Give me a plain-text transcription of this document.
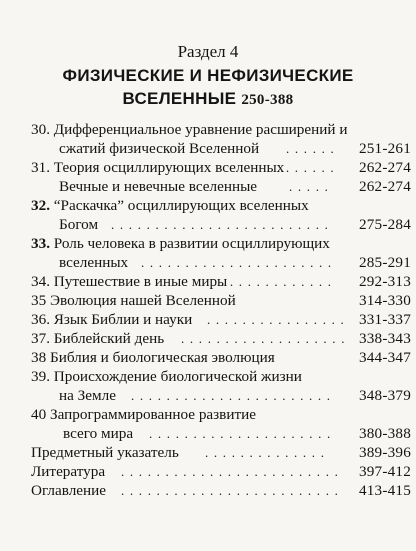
Раздел 4
ФИЗИЧЕСКИЕ И НЕФИЗИЧЕСКИЕ
ВСЕЛЕННЫЕ 250-388
30. Дифференциальное уравнение расширений и
сжатий физической Вселенной . . . . . .	251-261
31. Теория осциллирующих вселенных
. . . . . . .	262-274
Вечные и невечные вселенные . . . . .	262-274
32. “Раскачка” осциллирующих вселенных
Богом . . . . . . . . . . . . . . . . . . . . . . . . .	275-284
33. Роль человека в развитии осциллирующих
вселенных . . . . . . . . . . . . . . . . . . . . . .	285-291
34. Путешествие в иные миры
. . . . . . . . . . . . .	292-313
35 Эволюция нашей Вселенной	314-330
36. Язык Библии и науки . . . . . . . . . . . . . . . . 331-337
37. Библейский день . . . . . . . . . . . . . . . . . . . 338-343
38 Библия и биологическая эволюция	344-347
39. Происхождение биологической жизни
на Земле . . . . . . . . . . . . . . . . . . . . . . .	348-379
40 Запрограммированное развитие
всего мира . . . . . . . . . . . . . . . . . . . . .	380-388
Предметный указатель . . . . . . . . . . . . . .	389-396
Литература . . . . . . . . . . . . . . . . . . . . . . . . .	397-412
Оглавление . . . . . . . . . . . . . . . . . . . . . . . . .	413-415
